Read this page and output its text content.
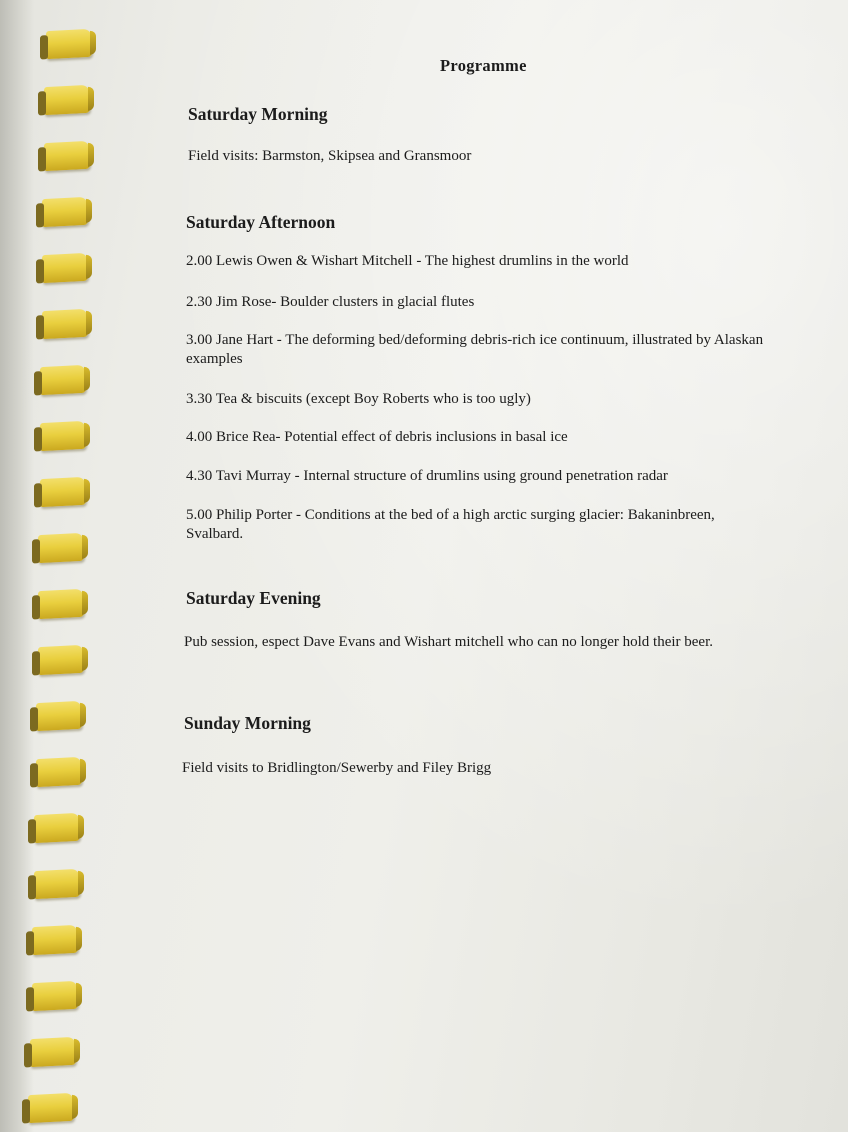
Programme
Saturday Morning
Field visits: Barmston, Skipsea and Gransmoor
Saturday Afternoon
2.00 Lewis Owen & Wishart Mitchell - The highest drumlins in the world
2.30 Jim Rose- Boulder clusters in glacial flutes
3.00 Jane Hart - The deforming bed/deforming debris-rich ice continuum, illustrated by Alaskan examples
3.30 Tea & biscuits (except Boy Roberts who is too ugly)
4.00 Brice Rea- Potential effect of debris inclusions in basal ice
4.30 Tavi Murray - Internal structure of drumlins using ground penetration radar
5.00 Philip Porter - Conditions at the bed of a high arctic surging glacier: Bakaninbreen, Svalbard.
Saturday Evening
Pub session, espect Dave Evans and Wishart mitchell who can no longer hold their beer.
Sunday Morning
Field visits to Bridlington/Sewerby and Filey Brigg
